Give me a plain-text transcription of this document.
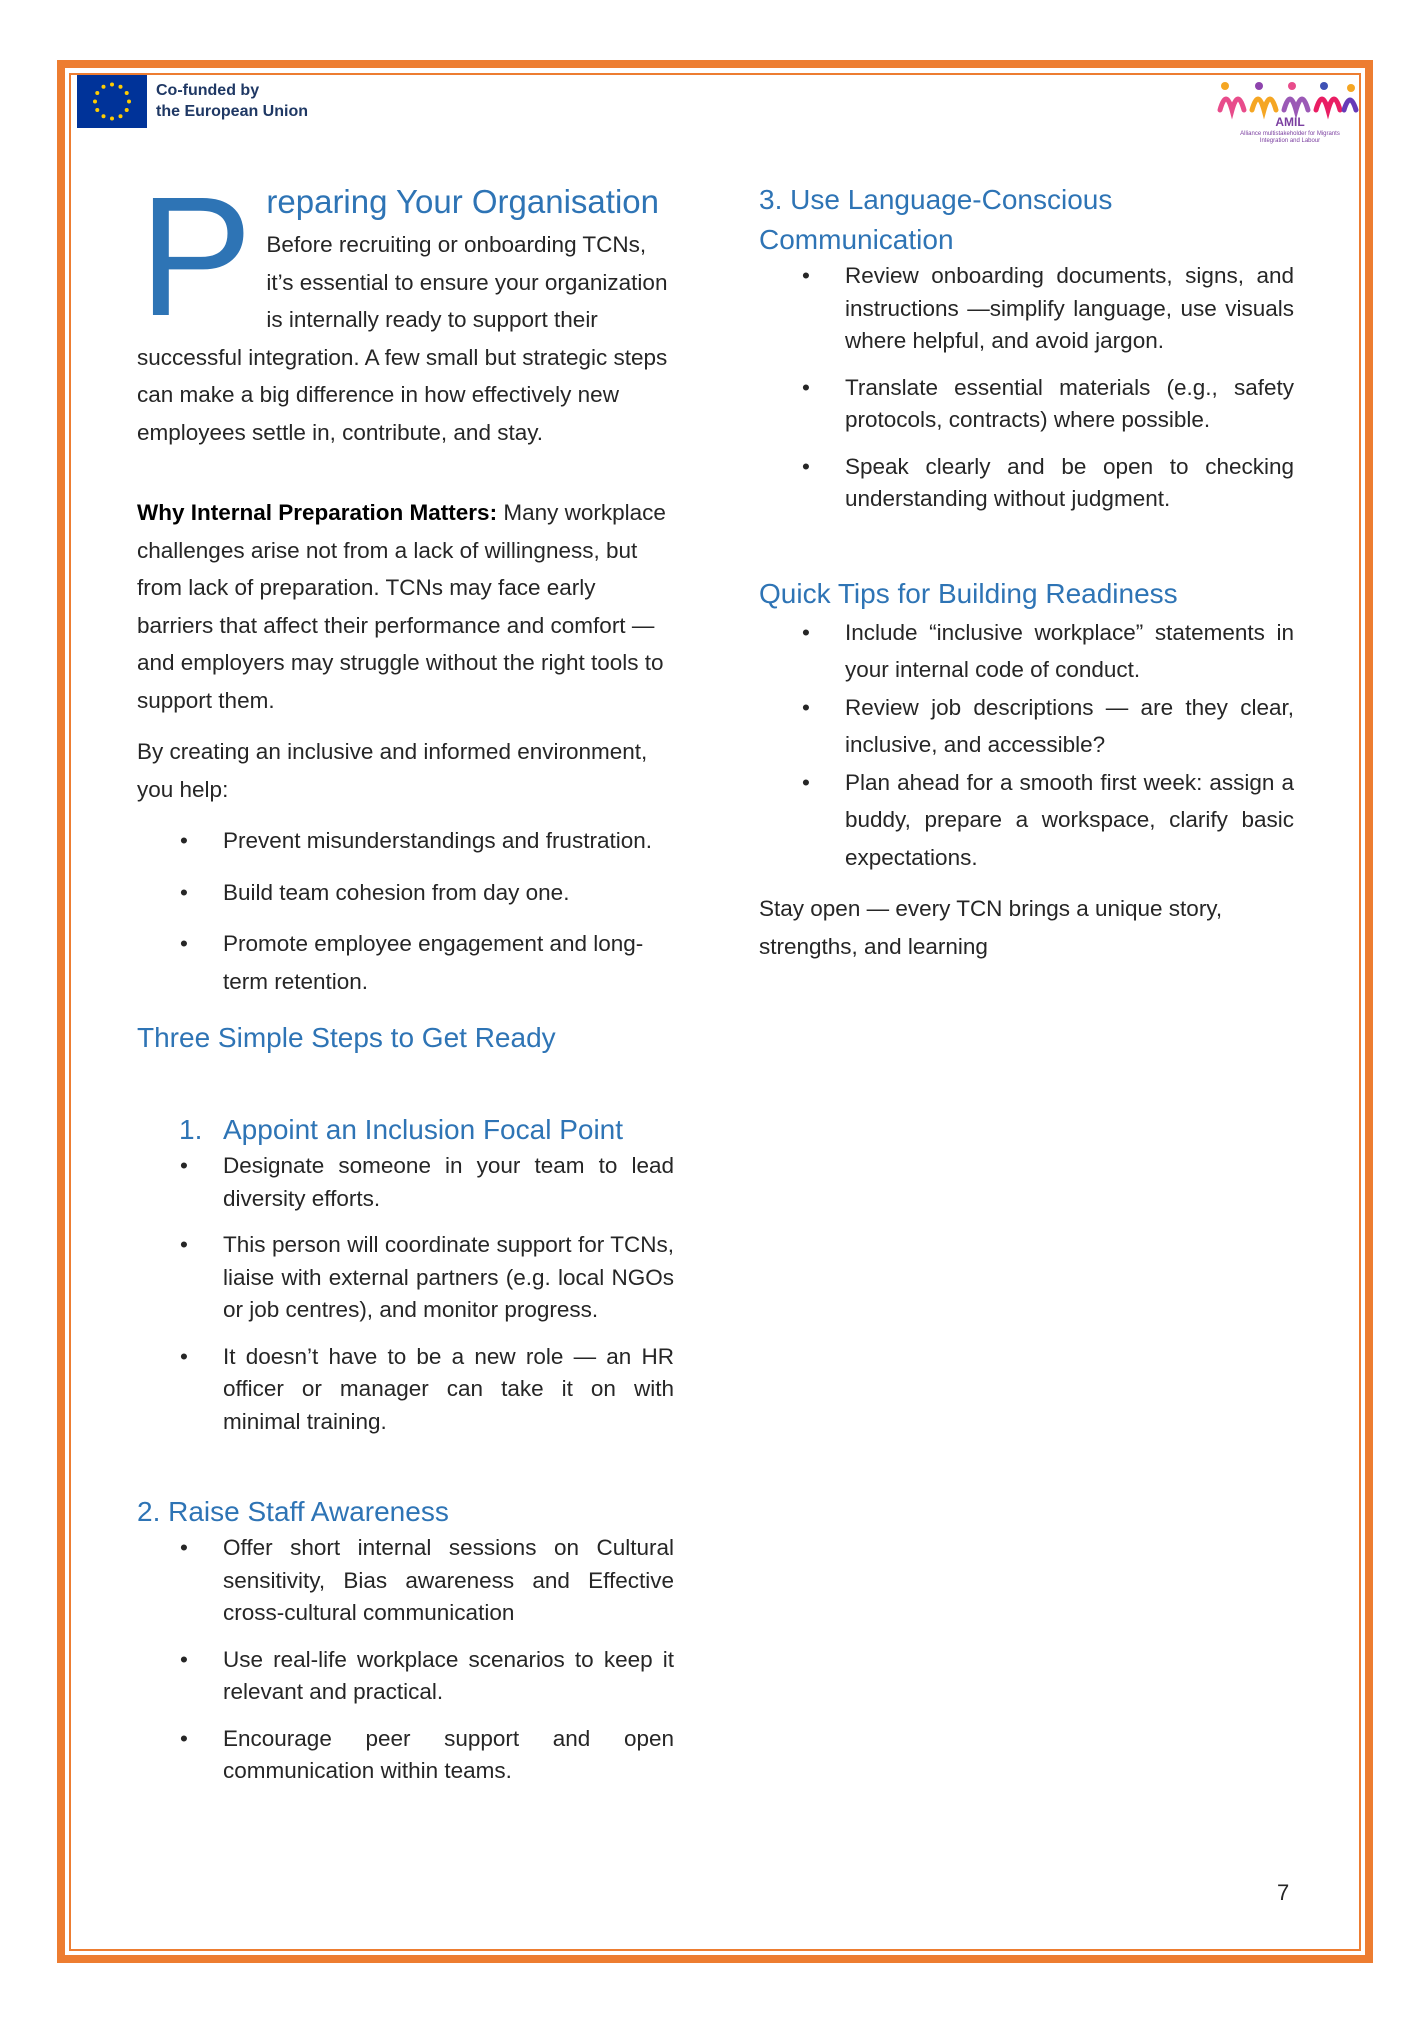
Co-funded by
the European Union
AMIL
Alliance multistakeholder for Migrants
Integration and Labour
P reparing Your Organisation

Before recruiting or onboarding TCNs, it’s essential to ensure your organization is internally ready to support their successful integration. A few small but strategic steps can make a big difference in how effectively new employees settle in, contribute, and stay.

Why Internal Preparation Matters: Many workplace challenges arise not from a lack of willingness, but from lack of preparation. TCNs may face early barriers that affect their performance and comfort — and employers may struggle without the right tools to support them.

By creating an inclusive and informed environment, you help:

• Prevent misunderstandings and frustration.
• Build team cohesion from day one.
• Promote employee engagement and long-term retention.
Three Simple Steps to Get Ready
1. Appoint an Inclusion Focal Point
• Designate someone in your team to lead diversity efforts.
• This person will coordinate support for TCNs, liaise with external partners (e.g. local NGOs or job centres), and monitor progress.
• It doesn’t have to be a new role — an HR officer or manager can take it on with minimal training.
2. Raise Staff Awareness
• Offer short internal sessions on Cultural sensitivity, Bias awareness and Effective cross-cultural communication
• Use real-life workplace scenarios to keep it relevant and practical.
• Encourage peer support and open communication within teams.
3. Use Language-Conscious
Communication
• Review onboarding documents, signs, and instructions —simplify language, use visuals where helpful, and avoid jargon.
• Translate essential materials (e.g., safety protocols, contracts) where possible.
• Speak clearly and be open to checking understanding without judgment.
Quick Tips for Building Readiness
• Include “inclusive workplace” statements in your internal code of conduct.
• Review job descriptions — are they clear, inclusive, and accessible?
• Plan ahead for a smooth first week: assign a buddy, prepare a workspace, clarify basic expectations.

Stay open — every TCN brings a unique story, strengths, and learning

7
